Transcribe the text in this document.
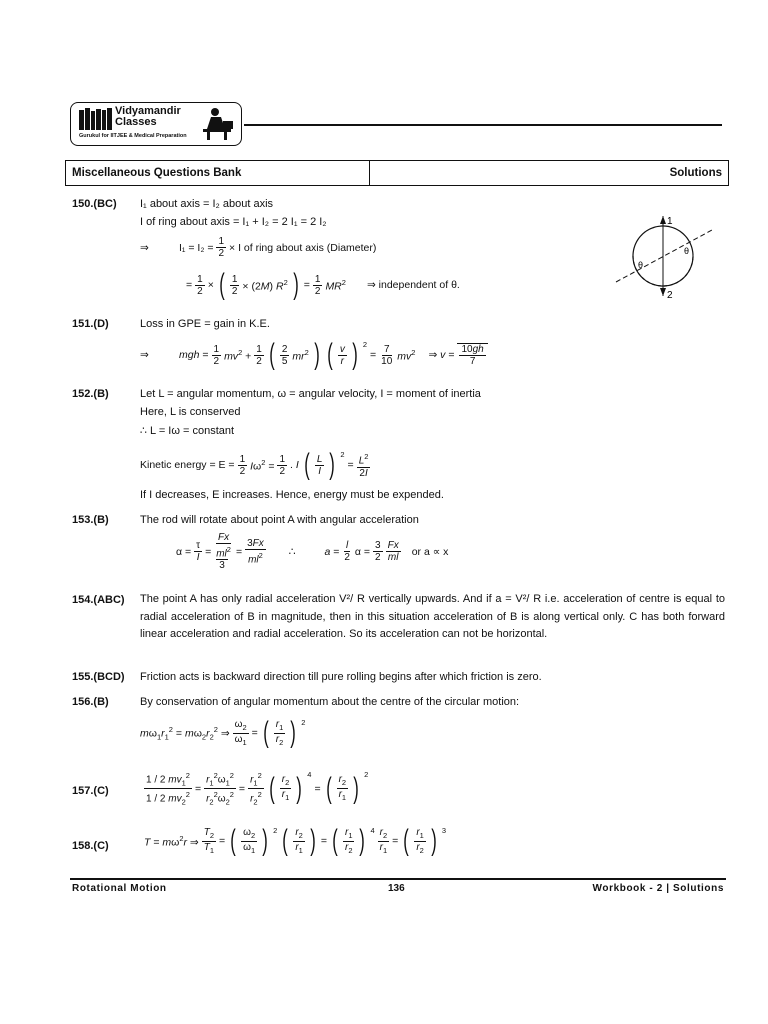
Vidyamandir
Classes
Gurukul for IITJEE & Medical Preparation
Miscellaneous Questions Bank	Solutions
150.(BC) I₁ about axis = I₂ about axis
I of ring about axis = I₁ + I₂ = 2 I₁ = 2 I₂
⇒	$I_1 = I_2 = \frac{1}{2} \times I$ of ring about axis (Diameter)
= $\frac{1}{2}$ × ( $\frac{1}{2} \times (2M)$ $R^2$ ) = $\frac{1}{2} MR^2$ ⇒ independent of θ.
1
2
θ
θ
151.(D)	Loss in GPE = gain in K.E.
⇒	mgh = $\frac{1}{2} mv^2 + \frac{1}{2}$ ( $\frac{2}{5} mr^2$ ) ( $\frac{v}{r}$ ) $^2$
= $\frac{7}{10} mv^2$ ⇒ $v = \frac{10gh}{7}$
152.(B)	Let L = angular momentum, ω = angular velocity, I = moment of inertia
Here, L is conserved
∴ L = Iω = constant
Kinetic energy = $E = \frac{1}{2} I\omega^2 = \frac{1}{2}$ . I ( $\frac{L}{I}$ ) $^2$
= $\frac{L^2}{2I}$
If I decreases, E increases. Hence, energy must be expended.
153.(B)	The rod will rotate about point A with angular acceleration
$\alpha = \frac{\tau}{I}$ =
Fx
$ml^2$
3
= $\frac{3Fx}{ml^2}$ ∴	$a = \frac{l}{2}$ $\alpha = \frac{3}{2} \frac{Fx}{ml}$ or a ∝ x
154.(ABC) The point A has only radial acceleration V²/ R vertically upwards. And if a = V²/ R i.e. acceleration of centre is equal to radial acceleration of B in magnitude, then in this situation acceleration of B is along vertical only. C has both forward linear acceleration and radial acceleration. So its acceleration can not be horizontal.
155.(BCD) Friction acts is backward direction till pure rolling begins after which friction is zero.
156.(B)	By conservation of angular momentum about the centre of the circular motion:
$m\omega_1r_1^2 = m\omega_2r_2^2$ ⇒ $\frac{\omega_2}{\omega_1}$ = ( $\frac{r_1}{r_2}$ ) $^2$
157.(C)	$\frac{1 / 2 mv_1^2}{1 / 2 mv_2^2} = \frac{r_1^2\omega_1^2}{r_2^2\omega_2^2} = \frac{r_1^2}{r_2^2}$ ( $\frac{r_2}{r_1}$ ) $^4$
= ( $\frac{r_2}{r_1}$ ) $^2$
158.(C)	$T = m\omega^2r$ ⇒ $\frac{T_2}{T_1}$ = ( $\frac{\omega_2}{\omega_1}$ ) $^2$ ( $\frac{r_2}{r_1}$ ) = ( $\frac{r_1}{r_2}$ ) $^4 \frac{r_2}{r_1}$ = ( $\frac{r_1}{r_2}$ ) $^3$
Rotational Motion	136	Workbook - 2 | Solutions
